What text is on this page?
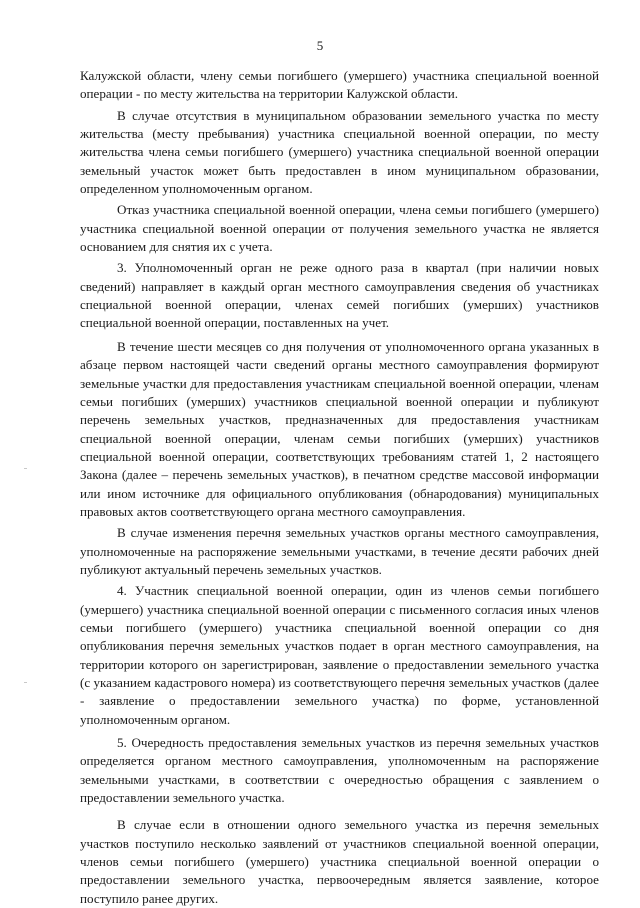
5

Калужской области, члену семьи погибшего (умершего) участника специальной военной операции - по месту жительства на территории Калужской области.

В случае отсутствия в муниципальном образовании земельного участка по месту жительства (месту пребывания) участника специальной военной операции, по месту жительства члена семьи погибшего (умершего) участника специальной военной операции земельный участок может быть предоставлен в ином муниципальном образовании, определенном уполномоченным органом.

Отказ участника специальной военной операции, члена семьи погибшего (умершего) участника специальной военной операции от получения земельного участка не является основанием для снятия их с учета.

3. Уполномоченный орган не реже одного раза в квартал (при наличии новых сведений) направляет в каждый орган местного самоуправления сведения об участниках специальной военной операции, членах семей погибших (умерших) участников специальной военной операции, поставленных на учет.

В течение шести месяцев со дня получения от уполномоченного органа указанных в абзаце первом настоящей части сведений органы местного самоуправления формируют земельные участки для предоставления участникам специальной военной операции, членам семьи погибших (умерших) участников специальной военной операции и публикуют перечень земельных участков, предназначенных для предоставления участникам специальной военной операции, членам семьи погибших (умерших) участников специальной военной операции, соответствующих требованиям статей 1, 2 настоящего Закона (далее – перечень земельных участков), в печатном средстве массовой информации или ином источнике для официального опубликования (обнародования) муниципальных правовых актов соответствующего органа местного самоуправления.

В случае изменения перечня земельных участков органы местного самоуправления, уполномоченные на распоряжение земельными участками, в течение десяти рабочих дней публикуют актуальный перечень земельных участков.

4. Участник специальной военной операции, один из членов семьи погибшего (умершего) участника специальной военной операции с письменного согласия иных членов семьи погибшего (умершего) участника специальной военной операции со дня опубликования перечня земельных участков подает в орган местного самоуправления, на территории которого он зарегистрирован, заявление о предоставлении земельного участка (с указанием кадастрового номера) из соответствующего перечня земельных участков (далее - заявление о предоставлении земельного участка) по форме, установленной уполномоченным органом.

5. Очередность предоставления земельных участков из перечня земельных участков определяется органом местного самоуправления, уполномоченным на распоряжение земельными участками, в соответствии с очередностью обращения с заявлением о предоставлении земельного участка.

В случае если в отношении одного земельного участка из перечня земельных участков поступило несколько заявлений от участников специальной военной операции, членов семьи погибшего (умершего) участника специальной военной операции о предоставлении земельного участка, первоочередным является заявление, которое поступило ранее других.
